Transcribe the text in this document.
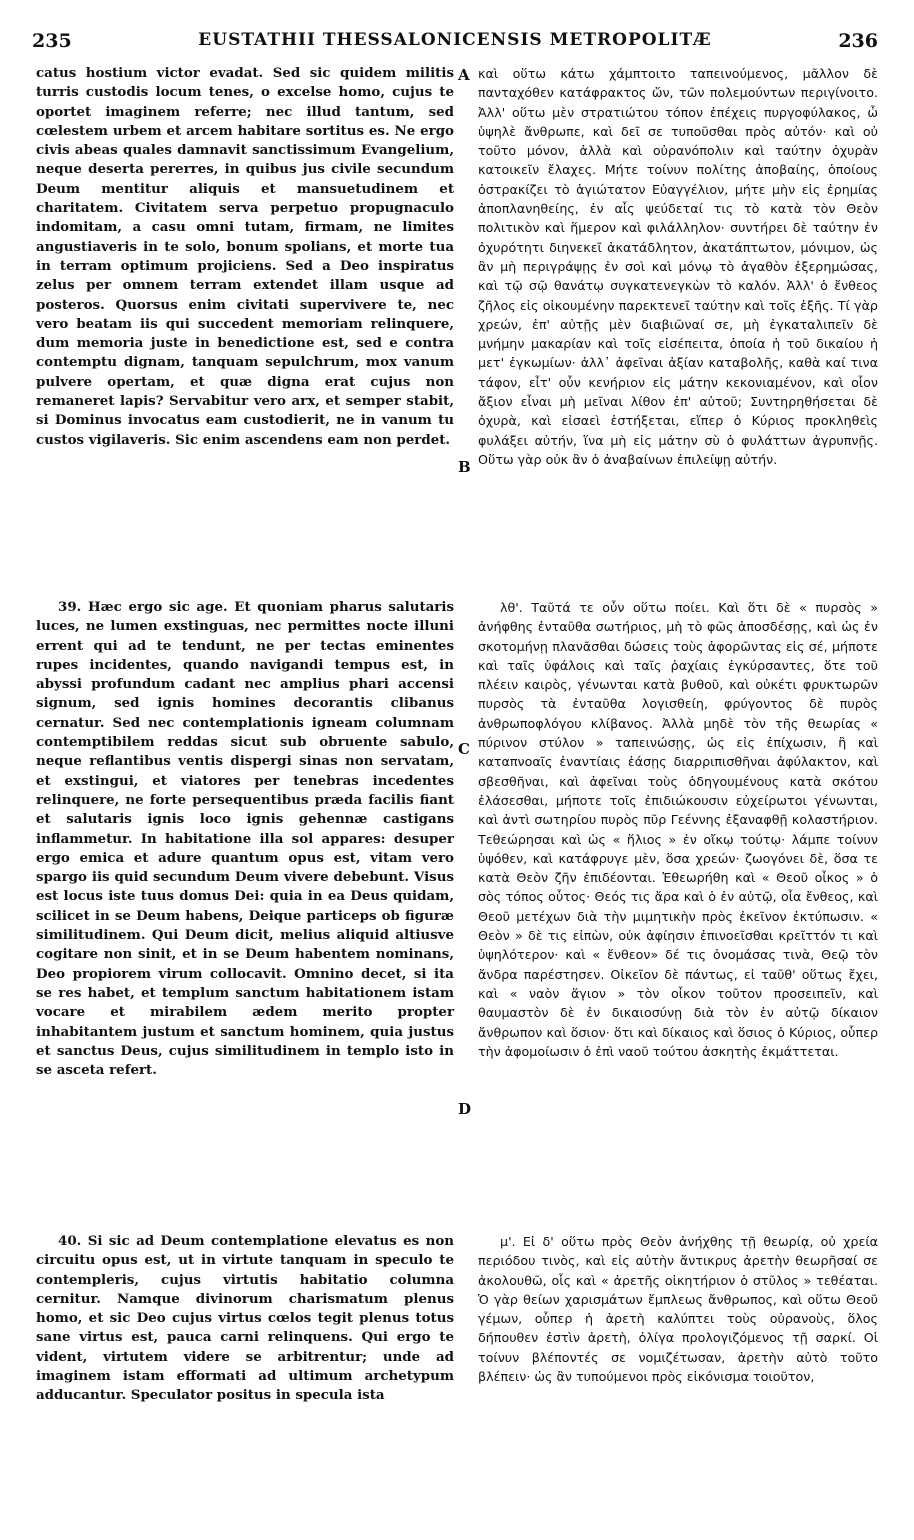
235	EUSTATHII THESSALONICENSIS METROPOLITÆ	236

catus hostium victor evadat. Sed sic quidem militis turris custodis locum tenes, o excelse homo, cujus te oportet imaginem referre; nec illud tantum, sed cœlestem urbem et arcem habitare sortitus es. Ne ergo civis abeas quales damnavit sanctissimum Evangelium, neque deserta pererres, in quibus jus civile secundum Deum mentitur aliquis et mansuetudinem et charitatem. Civitatem serva perpetuo propugnaculo indomitam, a casu omni tutam, firmam, ne limites angustiaveris in te solo, bonum spolians, et morte tua in terram optimum projiciens. Sed a Deo inspiratus zelus per omnem terram extendet illam usque ad posteros. Quorsus enim civitati supervivere te, nec vero beatam iis qui succedent memoriam relinquere, dum memoria juste in benedictione est, sed e contra contemptu dignam, tanquam sepulchrum, mox vanum pulvere opertam, et quæ digna erat cujus non remaneret lapis? Servabitur vero arx, et semper stabit, si Dominus invocatus eam custodierit, ne in vanum tu custos vigilaveris. Sic enim ascendens eam non perdet.

καὶ οὕτω κάτω χάμπτοιτο ταπεινούμενος, μᾶλλον δὲ πανταχόθεν κατάφρακτος ὤν, τῶν πολεμούντων περιγίνοιτο. Ἀλλ' οὕτω μὲν στρατιώτου τόπον ἐπέχεις πυργοφύλακος, ὦ ὑψηλὲ ἄνθρωπε, καὶ δεῖ σε τυποῦσθαι πρὸς αὐτόν· καὶ οὐ τοῦτο μόνον, ἀλλὰ καὶ οὐρανόπολιν καὶ ταύτην ὀχυρὰν κατοικεῖν ἔλαχες. Μήτε τοίνυν πολίτης ἀποβαίης, ὁποίους ὀστρακίζει τὸ ἁγιώτατον Εὐαγγέλιον, μήτε μὴν εἰς ἐρημίας ἀποπλανηθείης, ἐν αἷς ψεύδεταί τις τὸ κατὰ τὸν Θεὸν πολιτικὸν καὶ ἥμερον καὶ φιλάλληλον· συντήρει δὲ ταύτην ἐν ὀχυρότητι διηνεκεῖ ἀκατάδλητον, ἀκατάπτωτον, μόνιμον, ὡς ἂν μὴ περιγράψῃς ἐν σοὶ καὶ μόνῳ τὸ ἀγαθὸν ἐξερημώσας, καὶ τῷ σῷ θανάτῳ συγκατενεγκὼν τὸ καλόν. Ἀλλ' ὁ ἔνθεος ζῆλος εἰς οἰκουμένην παρεκτενεῖ ταύτην καὶ τοῖς ἑξῆς. Τί γὰρ χρεών, ἐπ' αὐτῇς μὲν διαβιῶναί σε, μὴ ἐγκαταλιπεῖν δὲ μνήμην μακαρίαν καὶ τοῖς εἰσέπειτα, ὁποία ἡ τοῦ δικαίου ἡ μετ' ἐγκωμίων· ἀλλ᾽ ἀφεῖναι ἀξίαν καταβολῆς, καθὰ καί τινα τάφον, εἶτ' οὖν κενήριον εἰς μάτην κεκονιαμένον, καὶ οἷον ἄξιον εἶναι μὴ μεῖναι λίθον ἐπ' αὐτοῦ; Συντηρηθήσεται δὲ ὀχυρὰ, καὶ εἰσαεὶ ἑστήξεται, εἴπερ ὁ Κύριος προκληθεὶς φυλάξει αὐτήν, ἵνα μὴ εἰς μάτην σὺ ὁ φυλάττων ἀγρυπνῇς. Οὕτω γὰρ οὐκ ἂν ὁ ἀναβαίνων ἐπιλείψῃ αὐτήν.

39. Hæc ergo sic age. Et quoniam pharus salutaris luces, ne lumen exstinguas, nec permittes nocte illuni errent qui ad te tendunt, ne per tectas eminentes rupes incidentes, quando navigandi tempus est, in abyssi profundum cadant nec amplius phari accensi signum, sed ignis homines decorantis clibanus cernatur. Sed nec contemplationis igneam columnam contemptibilem reddas sicut sub obruente sabulo, neque reflantibus ventis dispergi sinas non servatam, et exstingui, et viatores per tenebras incedentes relinquere, ne forte persequentibus præda facilis fiant et salutaris ignis loco ignis gehennæ castigans inflammetur. In habitatione illa sol appares: desuper ergo emica et adure quantum opus est, vitam vero spargo iis quid secundum Deum vivere debebunt. Visus est locus iste tuus domus Dei: quia in ea Deus quidam, scilicet in se Deum habens, Deique particeps ob figuræ similitudinem. Qui Deum dicit, melius aliquid altiusve cogitare non sinit, et in se Deum habentem nominans, Deo propiorem virum collocavit. Omnino decet, si ita se res habet, et templum sanctum habitationem istam vocare et mirabilem ædem merito propter inhabitantem justum et sanctum hominem, quia justus et sanctus Deus, cujus similitudinem in templo isto in se asceta refert.

λθ'. Ταῦτά τε οὖν οὕτω ποίει. Καὶ ὅτι δὲ « πυρσὸς » ἀνήφθης ἐνταῦθα σωτήριος, μὴ τὸ φῶς ἀποσδέσῃς, καὶ ὡς ἐν σκοτομήνῃ πλανᾶσθαι δώσεις τοὺς ἀφορῶντας εἰς σέ, μήποτε καὶ ταῖς ὑφάλοις καὶ ταῖς ῥαχίαις ἐγκύρσαντες, ὅτε τοῦ πλέειν καιρὸς, γένωνται κατὰ βυθοῦ, καὶ οὐκέτι φρυκτωρῶν πυρσὸς τὰ ἐνταῦθα λογισθείη, φρύγοντος δὲ πυρὸς ἀνθρωποφλόγου κλίβανος. Ἀλλὰ μηδὲ τὸν τῆς θεωρίας « πύρινον στύλον » ταπεινώσῃς, ὡς εἰς ἐπίχωσιν, ἢ καὶ καταπνοαῖς ἐναντίαις ἐάσῃς διαρριπισθῆναι ἀφύλακτον, καὶ σβεσθῆναι, καὶ ἀφεῖναι τοὺς ὁδηγουμένους κατὰ σκότου ἐλάσεσθαι, μήποτε τοῖς ἐπιδιώκουσιν εὐχείρωτοι γένωνται, καὶ ἀντὶ σωτηρίου πυρὸς πῦρ Γεέννης ἐξαναφθῇ κολαστήριον. Τεθεώρησαι καὶ ὡς « ἥλιος » ἐν οἴκῳ τούτῳ· λάμπε τοίνυν ὑψόθεν, καὶ κατάφρυγε μὲν, ὅσα χρεών· ζωογόνει δὲ, ὅσα τε κατὰ Θεὸν ζῆν ἐπιδέονται. Ἐθεωρήθη καὶ « Θεοῦ οἶκος » ὁ σὸς τόπος οὗτος· Θεός τις ἄρα καὶ ὁ ἐν αὐτῷ, οἷα ἔνθεος, καὶ Θεοῦ μετέχων διὰ τὴν μιμητικὴν πρὸς ἐκεῖνον ἐκτύπωσιν. « Θεὸν » δὲ τις εἰπὼν, οὐκ ἀφίησιν ἐπινοεῖσθαι κρεῖττόν τι καὶ ὑψηλότερον· καὶ « ἔνθεον» δέ τις ὀνομάσας τινὰ, Θεῷ τὸν ἄνδρα παρέστησεν. Οἰκεῖον δὲ πάντως, εἰ ταῦθ' οὕτως ἔχει, καὶ « ναὸν ἅγιον » τὸν οἶκον τοῦτον προσειπεῖν, καὶ θαυμαστὸν δὲ ἐν δικαιοσύνῃ διὰ τὸν ἐν αὐτῷ δίκαιον ἄνθρωπον καὶ ὅσιον· ὅτι καὶ δίκαιος καὶ ὅσιος ὁ Κύριος, οὗπερ τὴν ἀφομοίωσιν ὁ ἐπὶ ναοῦ τούτου ἀσκητὴς ἐκμάττεται.

40. Si sic ad Deum contemplatione elevatus es non circuitu opus est, ut in virtute tanquam in speculo te contempleris, cujus virtutis habitatio columna cernitur. Namque divinorum charismatum plenus homo, et sic Deo cujus virtus cœlos tegit plenus totus sane virtus est, pauca carni relinquens. Qui ergo te vident, virtutem videre se arbitrentur; unde ad imaginem istam efformati ad ultimum archetypum adducantur. Speculator positus in specula ista

μ'. Εἰ δ' οὕτω πρὸς Θεὸν ἀνήχθης τῇ θεωρίᾳ, οὐ χρεία περιόδου τινὸς, καὶ εἰς αὐτὴν ἄντικρυς ἀρετὴν θεωρῆσαί σε ἀκολουθῶ, οἷς καὶ « ἀρετῆς οἰκητήριον ὁ στῦλος » τεθέαται. Ὁ γὰρ θείων χαρισμάτων ἔμπλεως ἄνθρωπος, καὶ οὕτω Θεοῦ γέμων, οὗπερ ἡ ἀρετὴ καλύπτει τοὺς οὐρανοὺς, ὅλος δήπουθεν ἐστὶν ἀρετὴ, ὀλίγα προλογιζόμενος τῇ σαρκί. Οἱ τοίνυν βλέποντές σε νομιζέτωσαν, ἀρετὴν αὐτὸ τοῦτο βλέπειν· ὡς ἂν τυπούμενοι πρὸς εἰκόνισμα τοιοῦτον,

A
B
C
D
